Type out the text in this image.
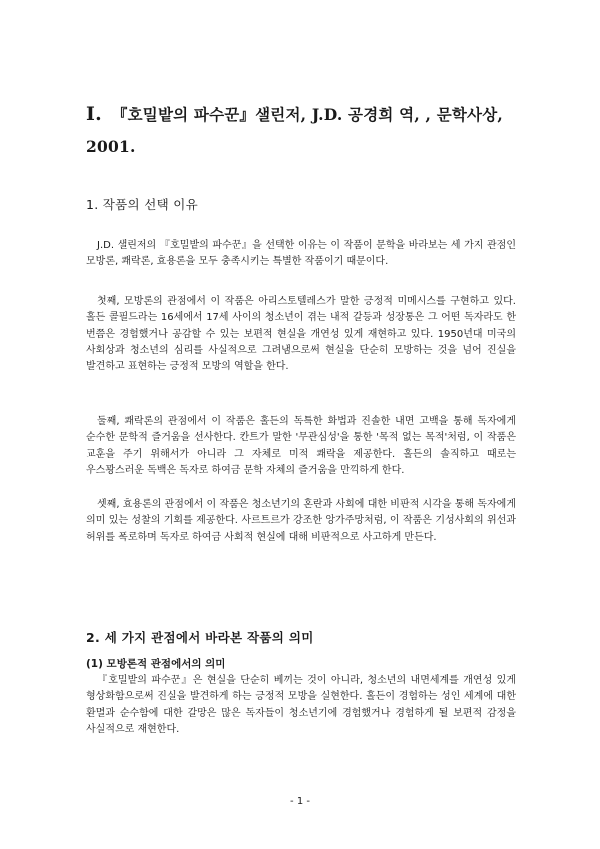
I. 『호밀밭의 파수꾼』샐린저, J.D. 공경희 역, , 문학사상, 2001.
1. 작품의 선택 이유

J.D. 샐린저의 『호밀밭의 파수꾼』을 선택한 이유는 이 작품이 문학을 바라보는 세 가지 관점인 모방론, 쾌락론, 효용론을 모두 충족시키는 특별한 작품이기 때문이다.

첫째, 모방론의 관점에서 이 작품은 아리스토텔레스가 말한 긍정적 미메시스를 구현하고 있다. 홀든 콜필드라는 16세에서 17세 사이의 청소년이 겪는 내적 갈등과 성장통은 그 어떤 독자라도 한 번쯤은 경험했거나 공감할 수 있는 보편적 현실을 개연성 있게 재현하고 있다. 1950년대 미국의 사회상과 청소년의 심리를 사실적으로 그려냄으로써 현실을 단순히 모방하는 것을 넘어 진실을 발견하고 표현하는 긍정적 모방의 역할을 한다.

둘째, 쾌락론의 관점에서 이 작품은 홀든의 독특한 화법과 진솔한 내면 고백을 통해 독자에게 순수한 문학적 즐거움을 선사한다. 칸트가 말한 '무관심성'을 통한 '목적 없는 목적'처럼, 이 작품은 교훈을 주기 위해서가 아니라 그 자체로 미적 쾌락을 제공한다. 홀든의 솔직하고 때로는 우스꽝스러운 독백은 독자로 하여금 문학 자체의 즐거움을 만끽하게 한다.

셋째, 효용론의 관점에서 이 작품은 청소년기의 혼란과 사회에 대한 비판적 시각을 통해 독자에게 의미 있는 성찰의 기회를 제공한다. 사르트르가 강조한 앙가주망처럼, 이 작품은 기성사회의 위선과 허위를 폭로하며 독자로 하여금 사회적 현실에 대해 비판적으로 사고하게 만든다.

2. 세 가지 관점에서 바라본 작품의 의미
(1) 모방론적 관점에서의 의미

『호밀밭의 파수꾼』은 현실을 단순히 베끼는 것이 아니라, 청소년의 내면세계를 개연성 있게 형상화함으로써 진실을 발견하게 하는 긍정적 모방을 실현한다. 홀든이 경험하는 성인 세계에 대한 환멸과 순수함에 대한 갈망은 많은 독자들이 청소년기에 경험했거나 경험하게 될 보편적 감정을 사실적으로 재현한다.

- 1 -
